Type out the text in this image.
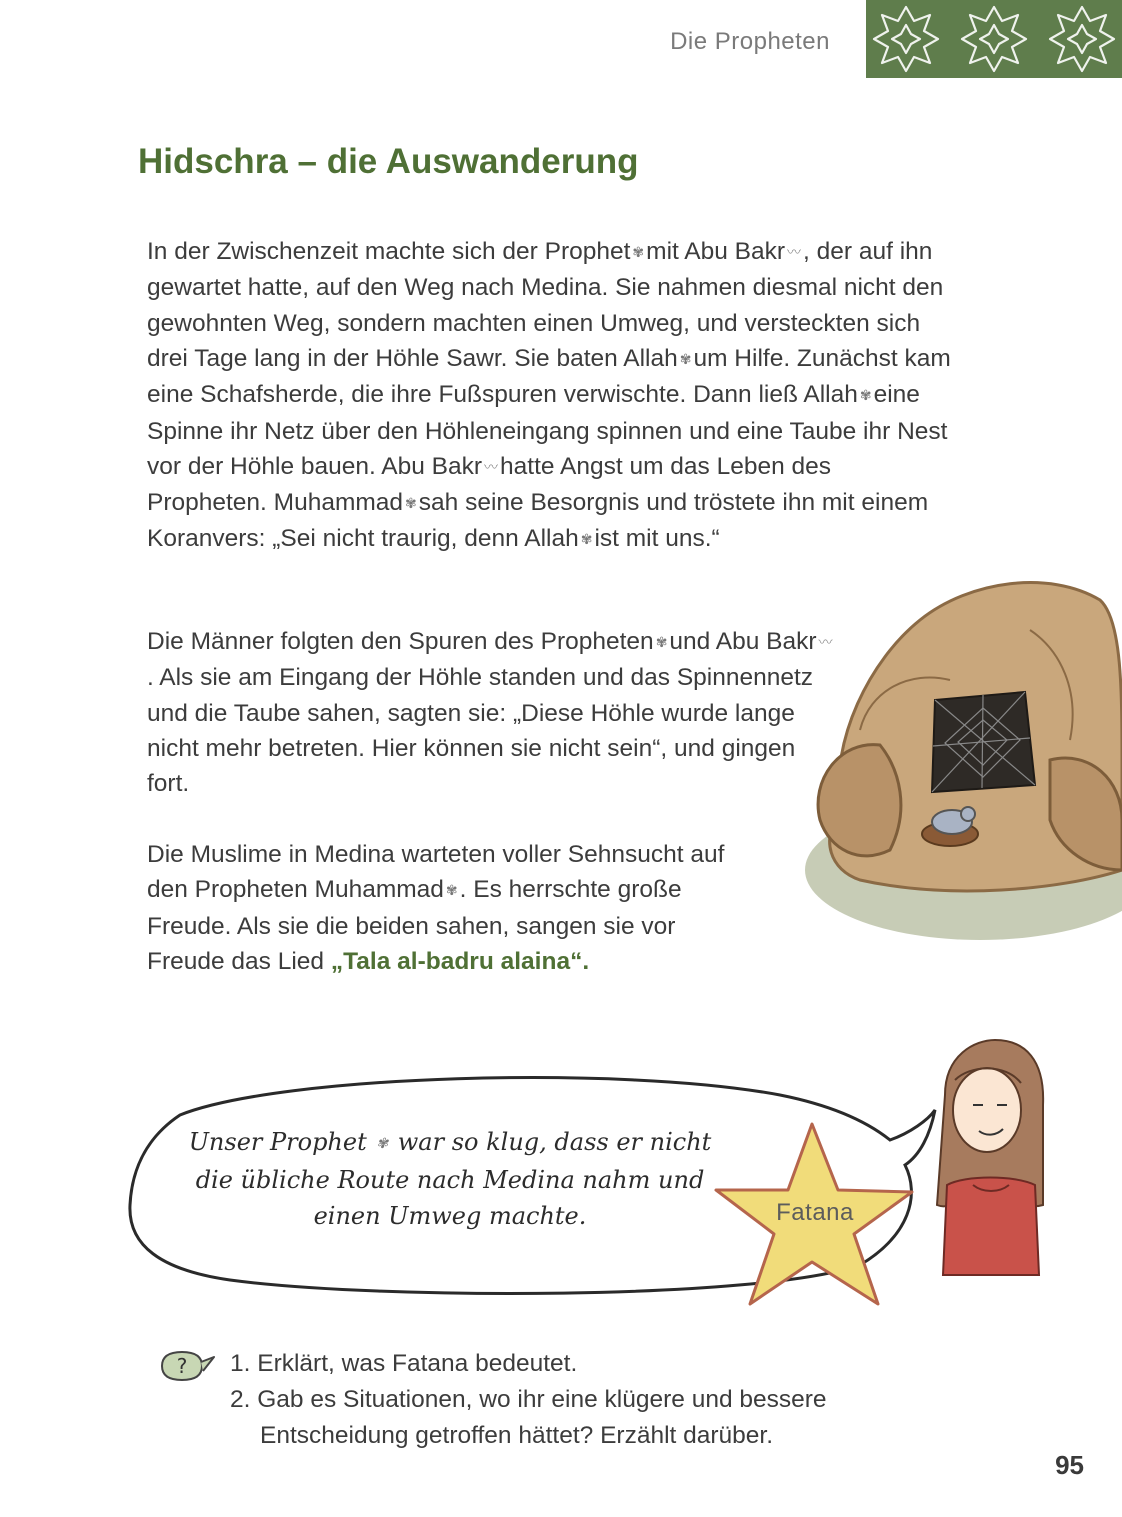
Die Propheten
Hidschra – die Auswanderung

In der Zwischenzeit machte sich der Prophet ✾mit Abu Bakr 〰, der auf ihn gewartet hatte, auf den Weg nach Medina. Sie nahmen diesmal nicht den gewohnten Weg, sondern machten einen Umweg, und versteckten sich drei Tage lang in der Höhle Sawr. Sie baten Allah ✾um Hilfe. Zunächst kam eine Schafsherde, die ihre Fußspuren verwischte. Dann ließ Allah ✾eine Spinne ihr Netz über den Höhleneingang spinnen und eine Taube ihr Nest vor der Höhle bauen. Abu Bakr 〰hatte Angst um das Leben des Propheten. Muhammad ✾sah seine Besorgnis und tröstete ihn mit einem Koranvers: „Sei nicht traurig, denn Allah ✾ist mit uns.“

Die Männer folgten den Spuren des Propheten ✾und Abu Bakr 〰. Als sie am Eingang der Höhle standen und das Spinnennetz und die Taube sahen, sagten sie: „Diese Höhle wurde lange nicht mehr betreten. Hier können sie nicht sein“, und gingen fort.

Die Muslime in Medina warteten voller Sehnsucht auf den Propheten Muhammad ✾. Es herrschte große Freude. Als sie die beiden sahen, sangen sie vor Freude das Lied „Tala al-badru alaina“.

Unser Prophet ✾ war so klug, dass er nicht die übliche Route nach Medina nahm und einen Umweg machte.	Fatana
? 1. Erklärt, was Fatana bedeutet.
2. Gab es Situationen, wo ihr eine klügere und bessere
Entscheidung getroffen hättet? Erzählt darüber.
95
